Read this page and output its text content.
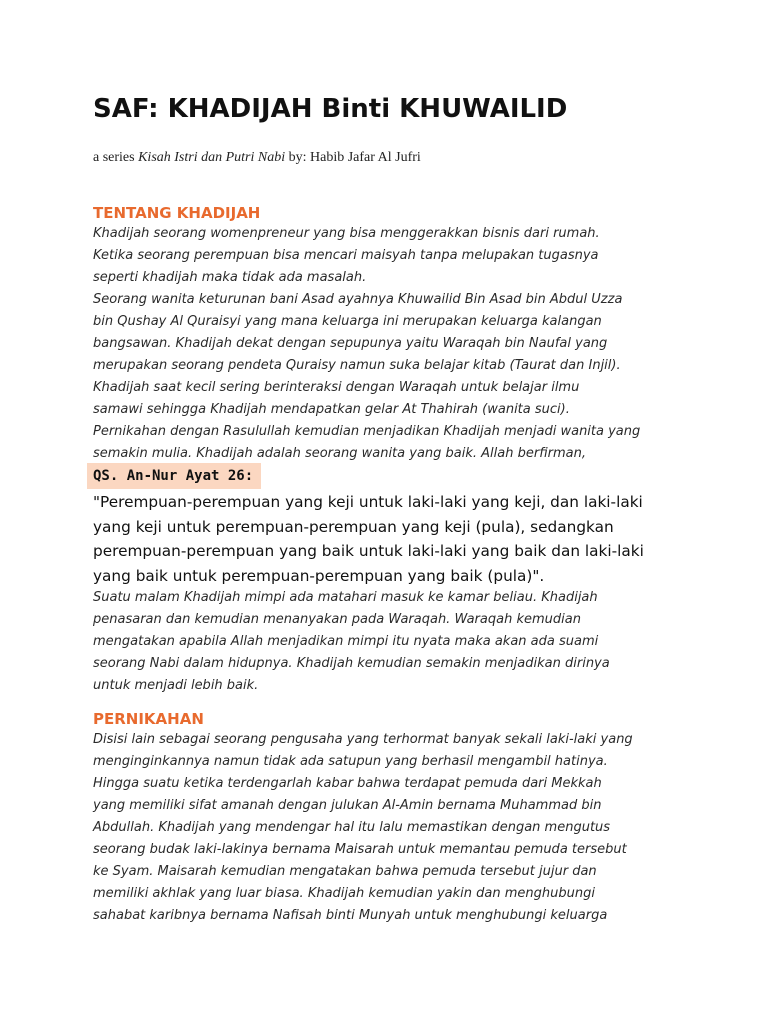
SAF: KHADIJAH Binti KHUWAILID

a series Kisah Istri dan Putri Nabi by: Habib Jafar Al Jufri

TENTANG KHADIJAH
Khadijah seorang womenpreneur yang bisa menggerakkan bisnis dari rumah.
Ketika seorang perempuan bisa mencari maisyah tanpa melupakan tugasnya
seperti khadijah maka tidak ada masalah.
Seorang wanita keturunan bani Asad ayahnya Khuwailid Bin Asad bin Abdul Uzza
bin Qushay Al Quraisyi yang mana keluarga ini merupakan keluarga kalangan
bangsawan. Khadijah dekat dengan sepupunya yaitu Waraqah bin Naufal yang
merupakan seorang pendeta Quraisy namun suka belajar kitab (Taurat dan Injil).
Khadijah saat kecil sering berinteraksi dengan Waraqah untuk belajar ilmu
samawi sehingga Khadijah mendapatkan gelar At Thahirah (wanita suci).
Pernikahan dengan Rasulullah kemudian menjadikan Khadijah menjadi wanita yang
semakin mulia. Khadijah adalah seorang wanita yang baik. Allah berfirman,
QS. An-Nur Ayat 26:
"Perempuan-perempuan yang keji untuk laki-laki yang keji, dan laki-laki
yang keji untuk perempuan-perempuan yang keji (pula), sedangkan
perempuan-perempuan yang baik untuk laki-laki yang baik dan laki-laki
yang baik untuk perempuan-perempuan yang baik (pula)".
Suatu malam Khadijah mimpi ada matahari masuk ke kamar beliau. Khadijah
penasaran dan kemudian menanyakan pada Waraqah. Waraqah kemudian
mengatakan apabila Allah menjadikan mimpi itu nyata maka akan ada suami
seorang Nabi dalam hidupnya. Khadijah kemudian semakin menjadikan dirinya
untuk menjadi lebih baik.
PERNIKAHAN
Disisi lain sebagai seorang pengusaha yang terhormat banyak sekali laki-laki yang
menginginkannya namun tidak ada satupun yang berhasil mengambil hatinya.
Hingga suatu ketika terdengarlah kabar bahwa terdapat pemuda dari Mekkah
yang memiliki sifat amanah dengan julukan Al-Amin bernama Muhammad bin
Abdullah. Khadijah yang mendengar hal itu lalu memastikan dengan mengutus
seorang budak laki-lakinya bernama Maisarah untuk memantau pemuda tersebut
ke Syam. Maisarah kemudian mengatakan bahwa pemuda tersebut jujur dan
memiliki akhlak yang luar biasa. Khadijah kemudian yakin dan menghubungi
sahabat karibnya bernama Nafisah binti Munyah untuk menghubungi keluarga
